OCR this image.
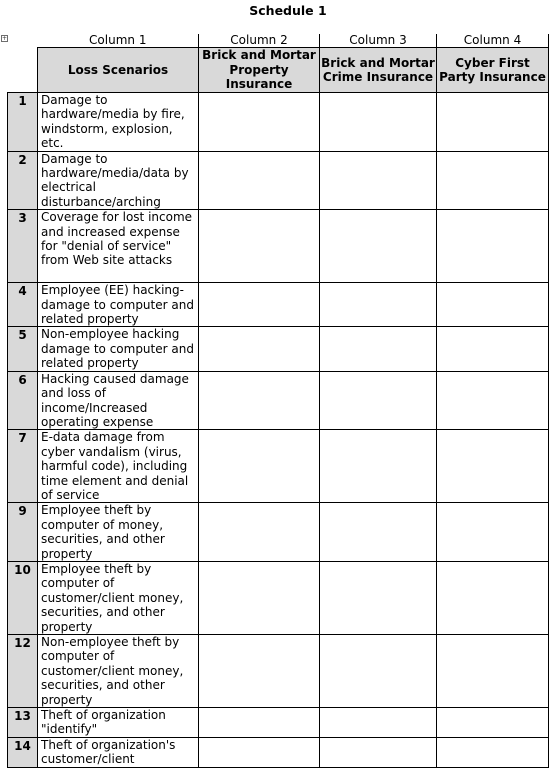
Schedule 1
+
		Column 1	Column 2	Column 3	Column 4
	Loss Scenarios	Brick and Mortar Property Insurance	Brick and Mortar Crime Insurance	Cyber First Party Insurance
1	Damage to hardware/media by fire, windstorm, explosion, etc.			
2	Damage to hardware/media/data by electrical disturbance/arching			
3	Coverage for lost income and increased expense for "denial of service" from Web site attacks			
4	Employee (EE) hacking-damage to computer and related property			
5	Non-employee hacking damage to computer and related property			
6	Hacking caused damage and loss of income/Increased operating expense			
7	E-data damage from cyber vandalism (virus, harmful code), including time element and denial of service			
9	Employee theft by computer of money, securities, and other property			
10	Employee theft by computer of customer/client money, securities, and other property			
12	Non-employee theft by computer of customer/client money, securities, and other property			
13	Theft of organization "identify"			
14	Theft of organization's customer/client			
